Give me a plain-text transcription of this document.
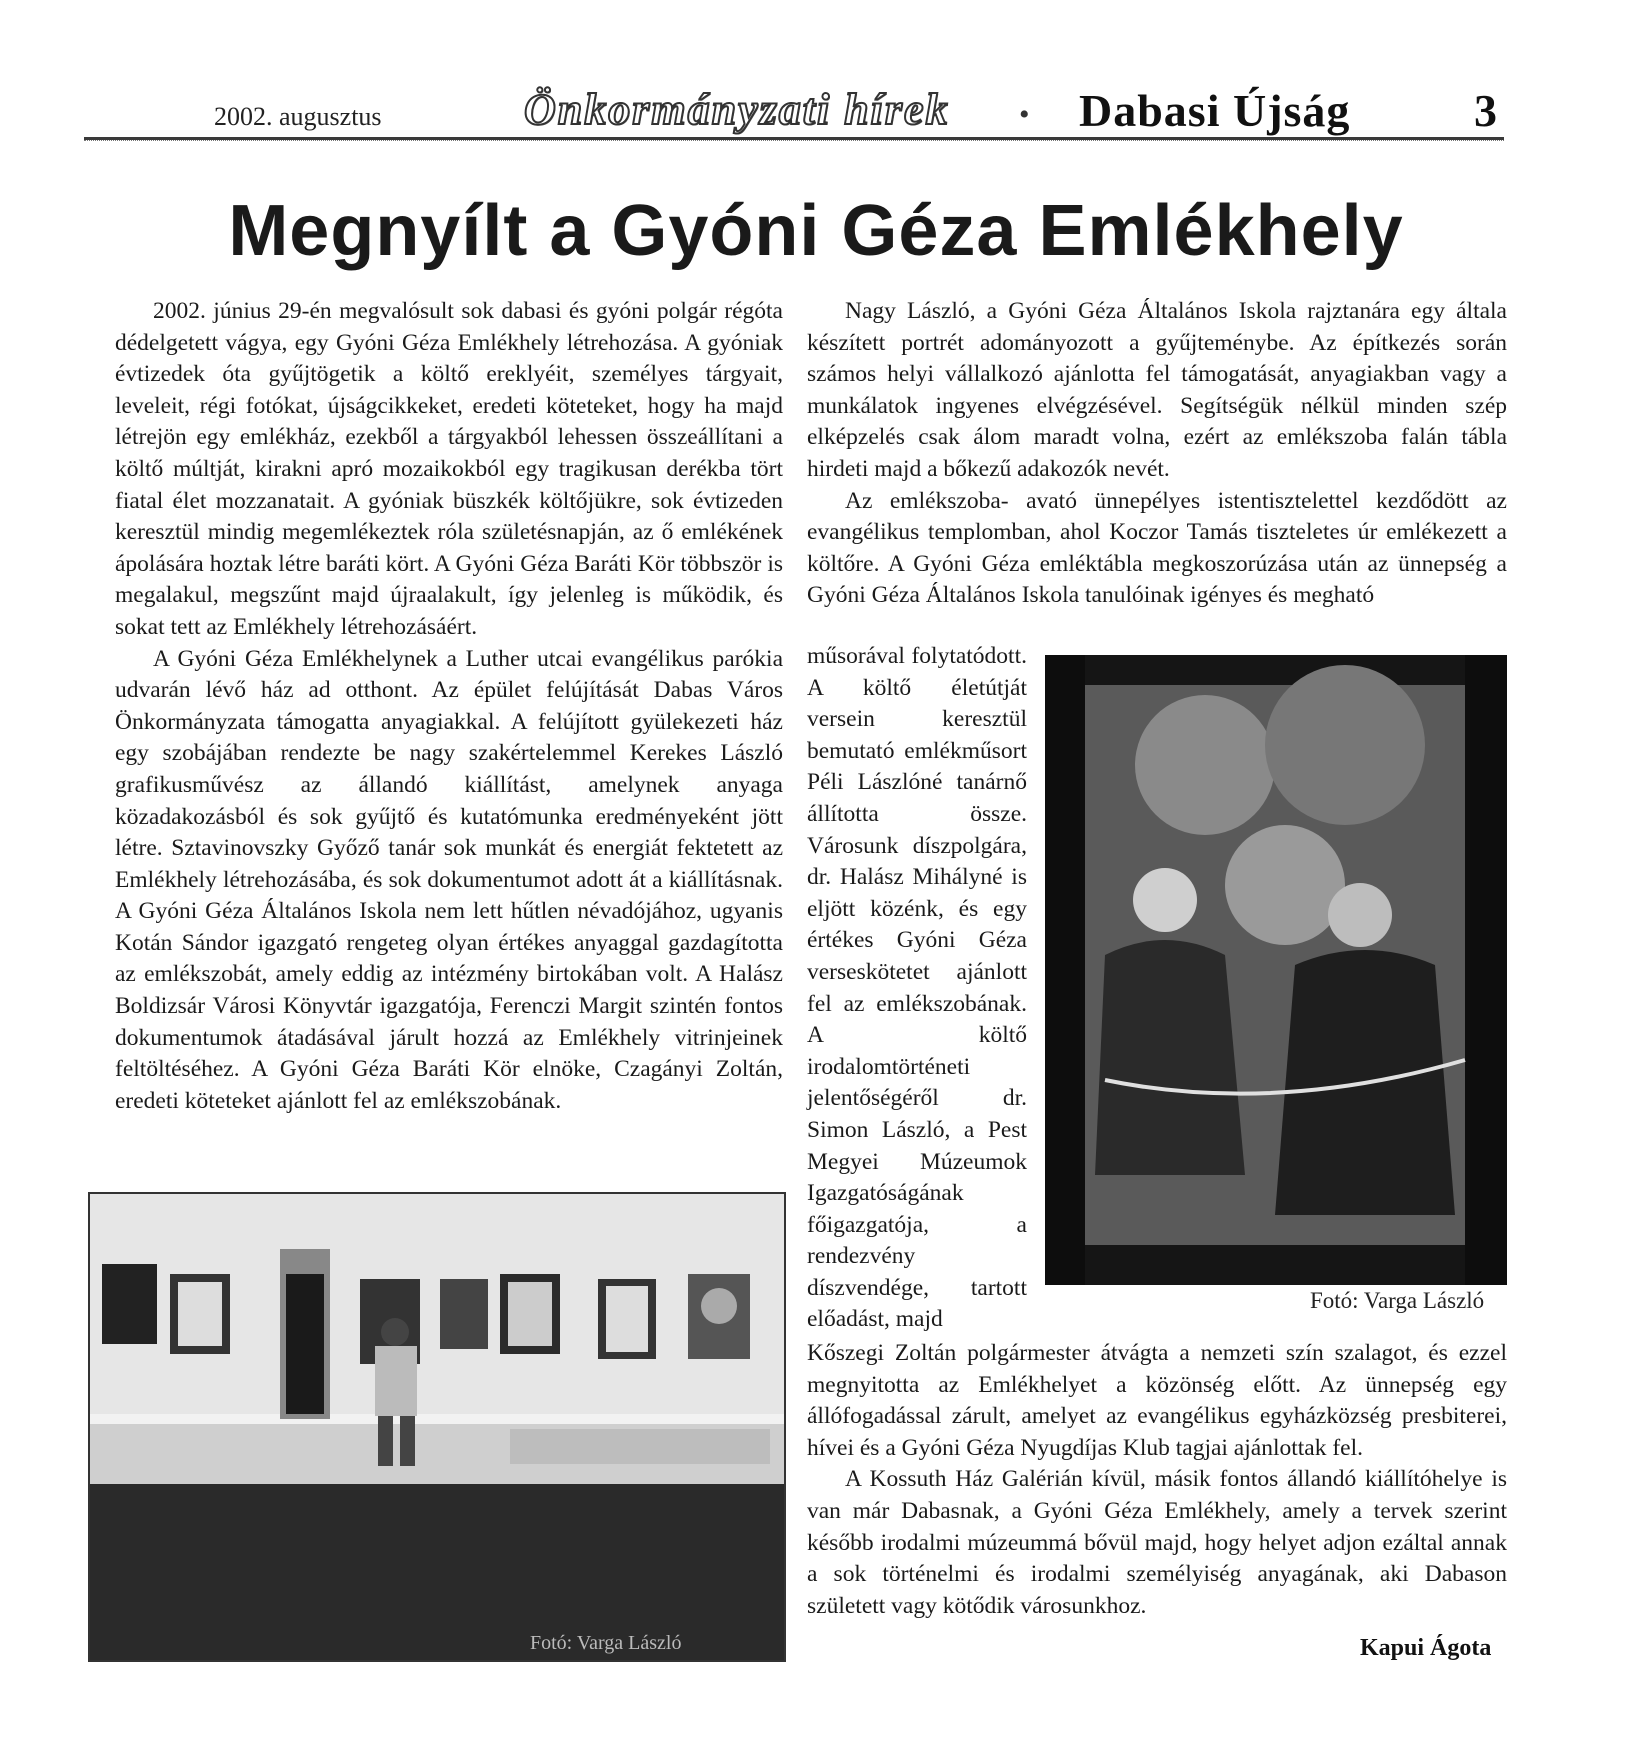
2002. augusztus	Önkormányzati hírek • Dabasi Újság	3
Megnyílt a Gyóni Géza Emlékhely

2002. június 29-én megvalósult sok dabasi és gyóni polgár régóta dédelgetett vágya, egy Gyóni Géza Emlékhely létrehozása. A gyóniak évtizedek óta gyűjtögetik a költő ereklyéit, személyes tárgyait, leveleit, régi fotókat, újságcikkeket, eredeti köteteket, hogy ha majd létrejön egy emlékház, ezekből a tárgyakból lehessen összeállítani a költő múltját, kirakni apró mozaikokból egy tragikusan derékba tört fiatal élet mozzanatait. A gyóniak büszkék költőjükre, sok évtizeden keresztül mindig megemlékeztek róla születésnapján, az ő emlékének ápolására hoztak létre baráti kört. A Gyóni Géza Baráti Kör többször is megalakul, megszűnt majd újraalakult, így jelenleg is működik, és sokat tett az Emlékhely létrehozásáért.

A Gyóni Géza Emlékhelynek a Luther utcai evangélikus parókia udvarán lévő ház ad otthont. Az épület felújítását Dabas Város Önkormányzata támogatta anyagiakkal. A felújított gyülekezeti ház egy szobájában rendezte be nagy szakértelemmel Kerekes László grafikusművész az állandó kiállítást, amelynek anyaga közadakozásból és sok gyűjtő és kutatómunka eredményeként jött létre. Sztavinovszky Győző tanár sok munkát és energiát fektetett az Emlékhely létrehozásába, és sok dokumentumot adott át a kiállításnak. A Gyóni Géza Általános Iskola nem lett hűtlen névadójához, ugyanis Kotán Sándor igazgató rengeteg olyan értékes anyaggal gazdagította az emlékszobát, amely eddig az intézmény birtokában volt. A Halász Boldizsár Városi Könyvtár igazgatója, Ferenczi Margit szintén fontos dokumentumok átadásával járult hozzá az Emlékhely vitrinjeinek feltöltéséhez. A Gyóni Géza Baráti Kör elnöke, Czagányi Zoltán, eredeti köteteket ajánlott fel az emlékszobának.

Nagy László, a Gyóni Géza Általános Iskola rajztanára egy általa készített portrét adományozott a gyűjteménybe. Az építkezés során számos helyi vállalkozó ajánlotta fel támogatását, anyagiakban vagy a munkálatok ingyenes elvégzésével. Segítségük nélkül minden szép elképzelés csak álom maradt volna, ezért az emlékszoba falán tábla hirdeti majd a bőkezű adakozók nevét.

Az emlékszoba- avató ünnepélyes istentisztelettel kezdődött az evangélikus templomban, ahol Koczor Tamás tiszteletes úr emlékezett a költőre. A Gyóni Géza emléktábla megkoszorúzása után az ünnepség a Gyóni Géza Általános Iskola tanulóinak igényes és megható

műsorával folytatódott. A költő életútját versein keresztül bemutató emlékműsort Péli Lászlóné tanárnő állította össze. Városunk díszpolgára, dr. Halász Mihályné is eljött közénk, és egy értékes Gyóni Géza verseskötetet ajánlott fel az emlékszobának. A költő irodalomtörténeti jelentőségéről dr. Simon László, a Pest Megyei Múzeumok Igazgatóságának főigazgatója, a rendezvény díszvendége, tartott előadást, majd

Kőszegi Zoltán polgármester átvágta a nemzeti szín szalagot, és ezzel megnyitotta az Emlékhelyet a közönség előtt. Az ünnepség egy állófogadással zárult, amelyet az evangélikus egyházközség presbiterei, hívei és a Gyóni Géza Nyugdíjas Klub tagjai ajánlottak fel.

A Kossuth Ház Galérián kívül, másik fontos állandó kiállítóhelye is van már Dabasnak, a Gyóni Géza Emlékhely, amely a tervek szerint később irodalmi múzeummá bővül majd, hogy helyet adjon ezáltal annak a sok történelmi és irodalmi személyiség anyagának, aki Dabason született vagy kötődik városunkhoz.

Fotó: Varga László
Fotó: Varga László
Kapui Ágota
